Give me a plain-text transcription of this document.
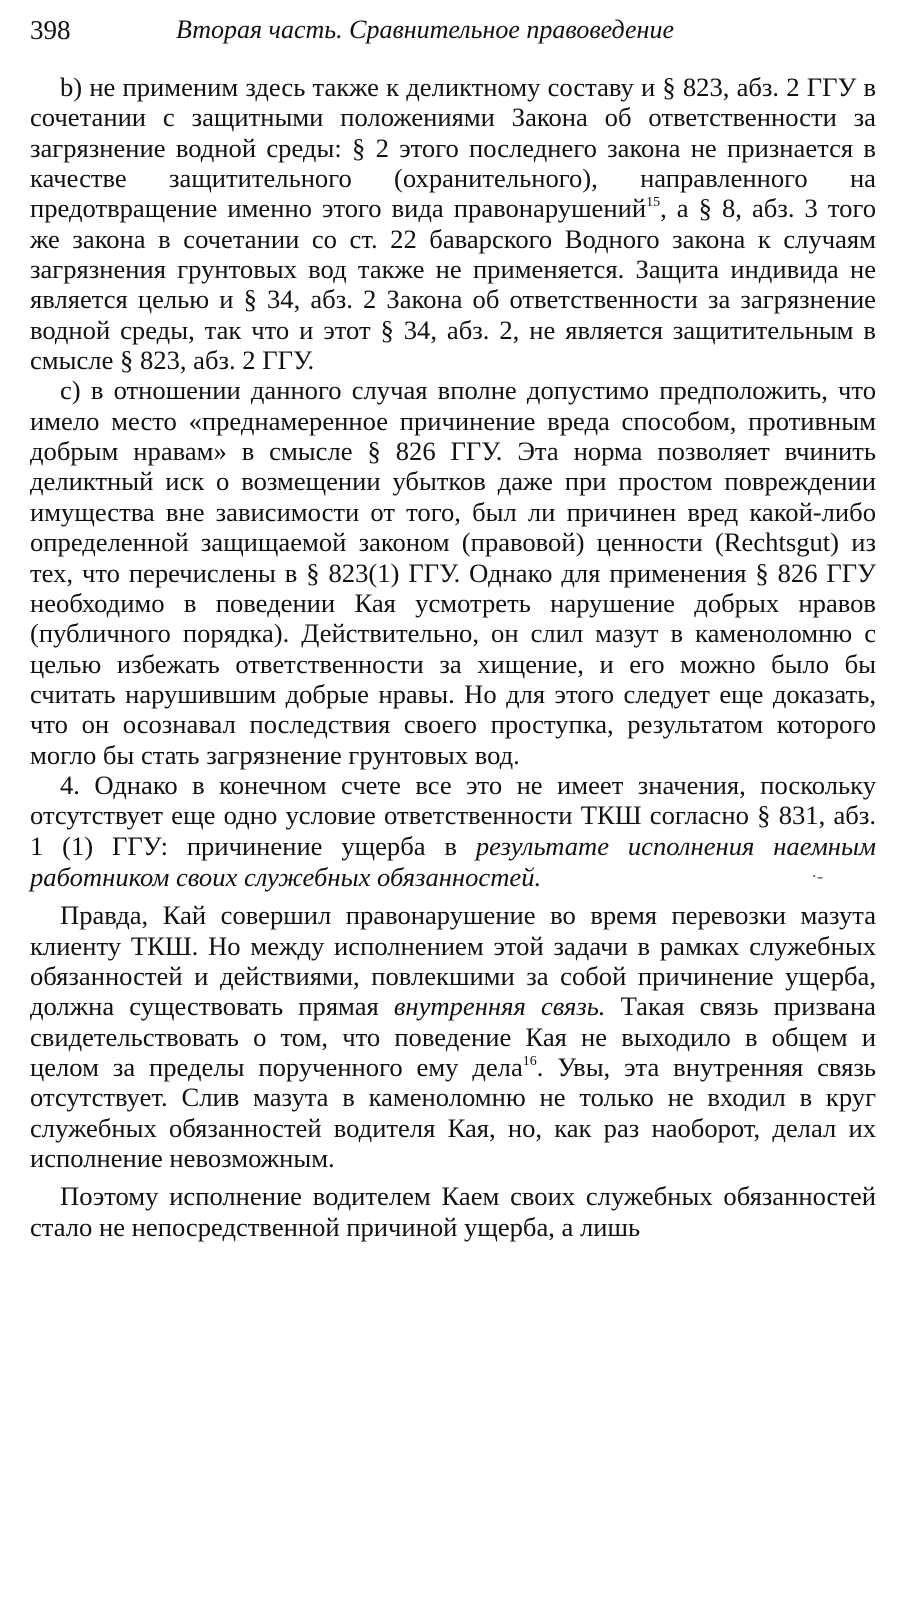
398	Вторая часть. Сравнительное правоведение

b) не применим здесь также к деликтному составу и § 823, абз. 2 ГГУ в сочетании с защитными положениями Закона об ответственности за загрязнение водной среды: § 2 этого последнего закона не признается в качестве защитительного (охранительного), направленного на предотвращение именно этого вида правонарушений$^{15}$, а § 8, абз. 3 того же закона в сочетании со ст. 22 баварского Водного закона к случаям загрязнения грунтовых вод также не применяется. Защита индивида не является целью и § 34, абз. 2 Закона об ответственности за загрязнение водной среды, так что и этот § 34, абз. 2, не является защитительным в смысле § 823, абз. 2 ГГУ.

с) в отношении данного случая вполне допустимо предположить, что имело место «преднамеренное причинение вреда способом, противным добрым нравам» в смысле § 826 ГГУ. Эта норма позволяет вчинить деликтный иск о возмещении убытков даже при простом повреждении имущества вне зависимости от того, был ли причинен вред какой-либо определенной защищаемой законом (правовой) ценности (Rechtsgut) из тех, что перечислены в § 823(1) ГГУ. Однако для применения § 826 ГГУ необходимо в поведении Кая усмотреть нарушение добрых нравов (публичного порядка). Действительно, он слил мазут в каменоломню с целью избежать ответственности за хищение, и его можно было бы считать нарушившим добрые нравы. Но для этого следует еще доказать, что он осознавал последствия своего проступка, результатом которого могло бы стать загрязнение грунтовых вод.

4. Однако в конечном счете все это не имеет значения, поскольку отсутствует еще одно условие ответственности ТКШ согласно § 831, абз. 1 (1) ГГУ: причинение ущерба в результате исполнения наемным работником своих служебных обязанностей.	·‐

Правда, Кай совершил правонарушение во время перевозки мазута клиенту ТКШ. Но между исполнением этой задачи в рамках служебных обязанностей и действиями, повлекшими за собой причинение ущерба, должна существовать прямая внутренняя связь. Такая связь призвана свидетельствовать о том, что поведение Кая не выходило в общем и целом за пределы порученного ему дела$^{16}$. Увы, эта внутренняя связь отсутствует. Слив мазута в каменоломню не только не входил в круг служебных обязанностей водителя Кая, но, как раз наоборот, делал их исполнение невозможным.

Поэтому исполнение водителем Каем своих служебных обязанностей стало не непосредственной причиной ущерба, а лишь
